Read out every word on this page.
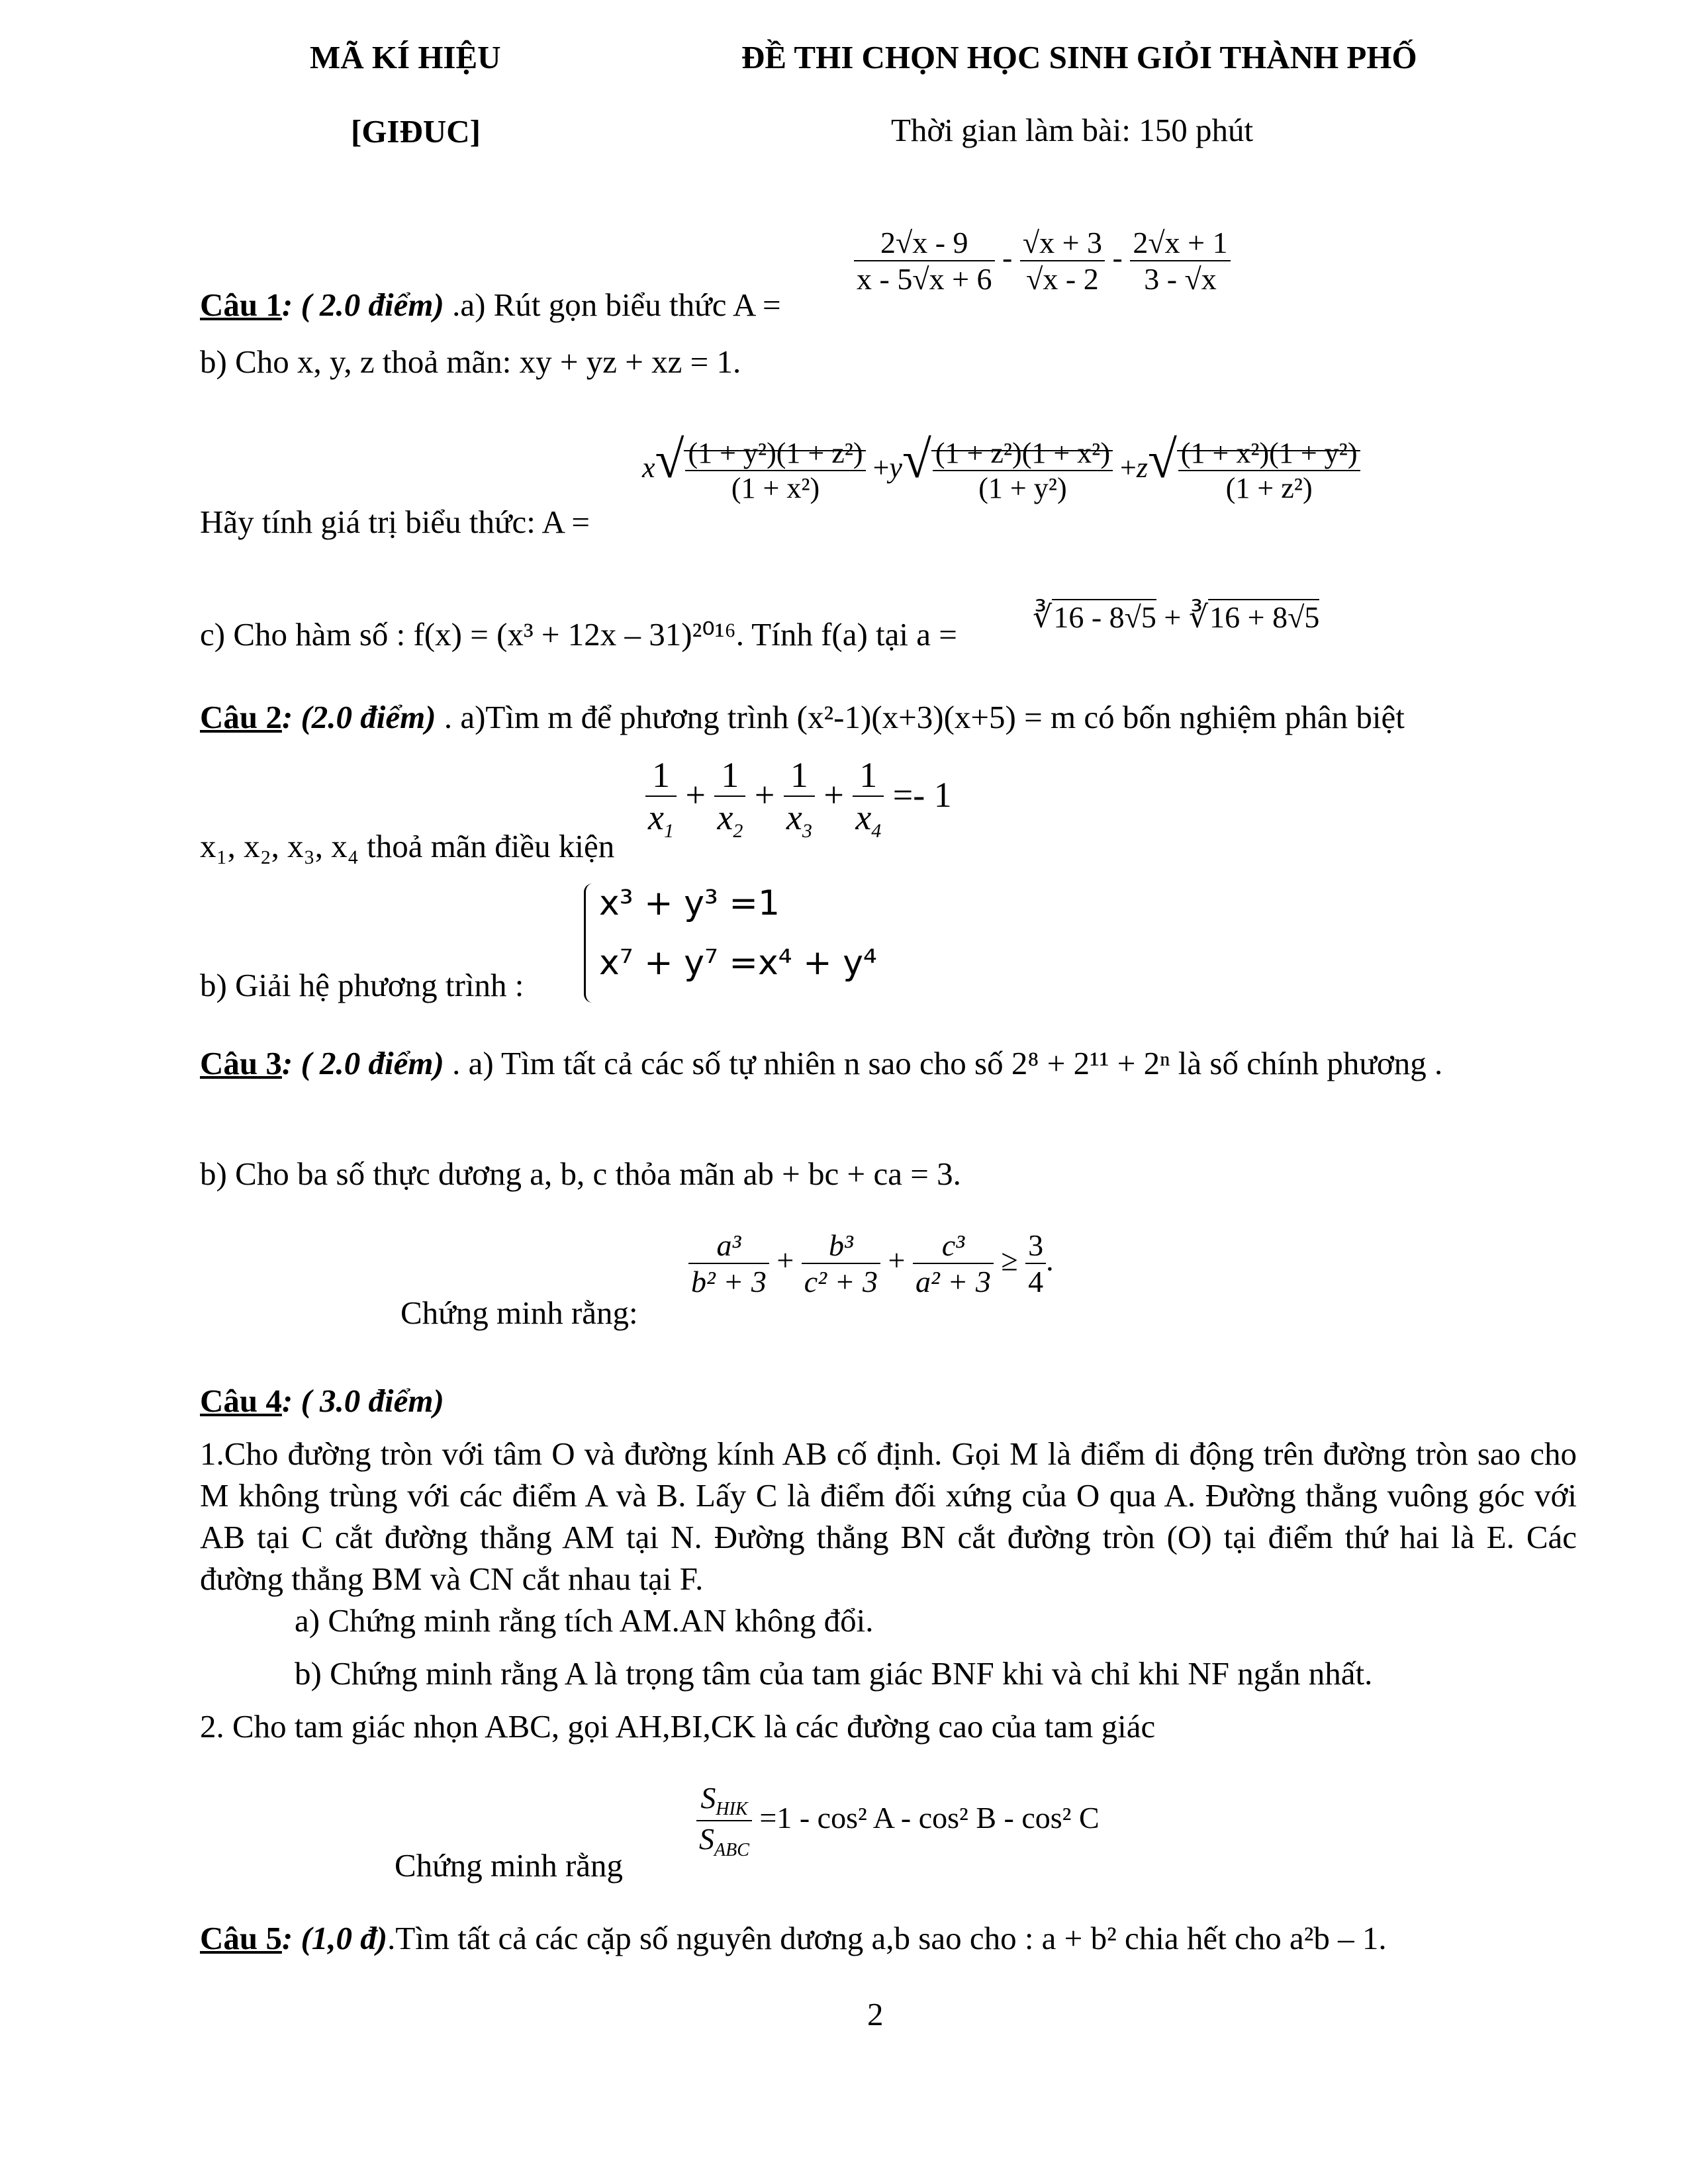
MÃ KÍ HIỆU
[GIĐUC]
ĐỀ THI CHỌN HỌC SINH GIỎI THÀNH PHỐ
Thời gian làm bài: 150 phút
Câu 1: ( 2.0 điểm) .a) Rút gọn biểu thức A =
$\frac{2√x - 9}{x - 5√x + 6} - \frac{√x + 3}{√x - 2} - \frac{2√x + 1}{3 - √x}$
b) Cho x, y, z thoả mãn: xy + yz + xz = 1.
Hãy tính giá trị biểu thức: A =
$x√ \frac{\text{(1 + y²)(1 + z²)}}{\text{(1 + x²)}} +y√ \frac{\text{(1 + z²)(1 + x²)}}{\text{(1 + y²)}} +z√ \frac{\text{(1 + x²)(1 + y²)}}{\text{(1 + z²)}}$
c) Cho hàm số : f(x) = (x³ + 12x – 31)²⁰¹⁶. Tính f(a) tại a = ∛16 - 8√5 + ∛16 + 8√5
Câu 2: (2.0 điểm) . a)Tìm m để phương trình (x²-1)(x+3)(x+5) = m có bốn nghiệm phân biệt
x₁, x₂, x₃, x₄ thoả mãn điều kiện
$\frac{1}{x_1} + \frac{1}{x_2} + \frac{1}{x_3} + \frac{1}{x_4} =- 1$
b) Giải hệ phương trình :
x³ + y³ =1
x⁷ + y⁷ =x⁴ + y⁴
Câu 3: ( 2.0 điểm) . a) Tìm tất cả các số tự nhiên n sao cho số 2⁸ + 2¹¹ + 2ⁿ là số chính phương .
b) Cho ba số thực dương a, b, c thỏa mãn ab + bc + ca = 3.
Chứng minh rằng:
$\frac{\text{a³}}{\text{b² + 3}} + \frac{\text{b³}}{\text{c² + 3}} + \frac{\text{c³}}{\text{a² + 3}} \ge \frac{3}{4}$ .
Câu 4: ( 3.0 điểm)
1.Cho đường tròn với tâm O và đường kính AB cố định. Gọi M là điểm di động trên đường tròn sao cho M không trùng với các điểm A và B. Lấy C là điểm đối xứng của O qua A. Đường thẳng vuông góc với AB tại C cắt đường thẳng AM tại N. Đường thẳng BN cắt đường tròn (O) tại điểm thứ hai là E. Các đường thẳng BM và CN cắt nhau tại F.
a) Chứng minh rằng tích AM.AN không đổi.
b) Chứng minh rằng A là trọng tâm của tam giác BNF khi và chỉ khi NF ngắn nhất.
2. Cho tam giác nhọn ABC, gọi AH,BI,CK là các đường cao của tam giác
Chứng minh rằng
$\frac{S_{HIK}}{S_{ABC}} =1 - \cos^2$ A - cos² B - cos² C
Câu 5: (1,0 đ).Tìm tất cả các cặp số nguyên dương a,b sao cho : a + b² chia hết cho a²b – 1.
2
